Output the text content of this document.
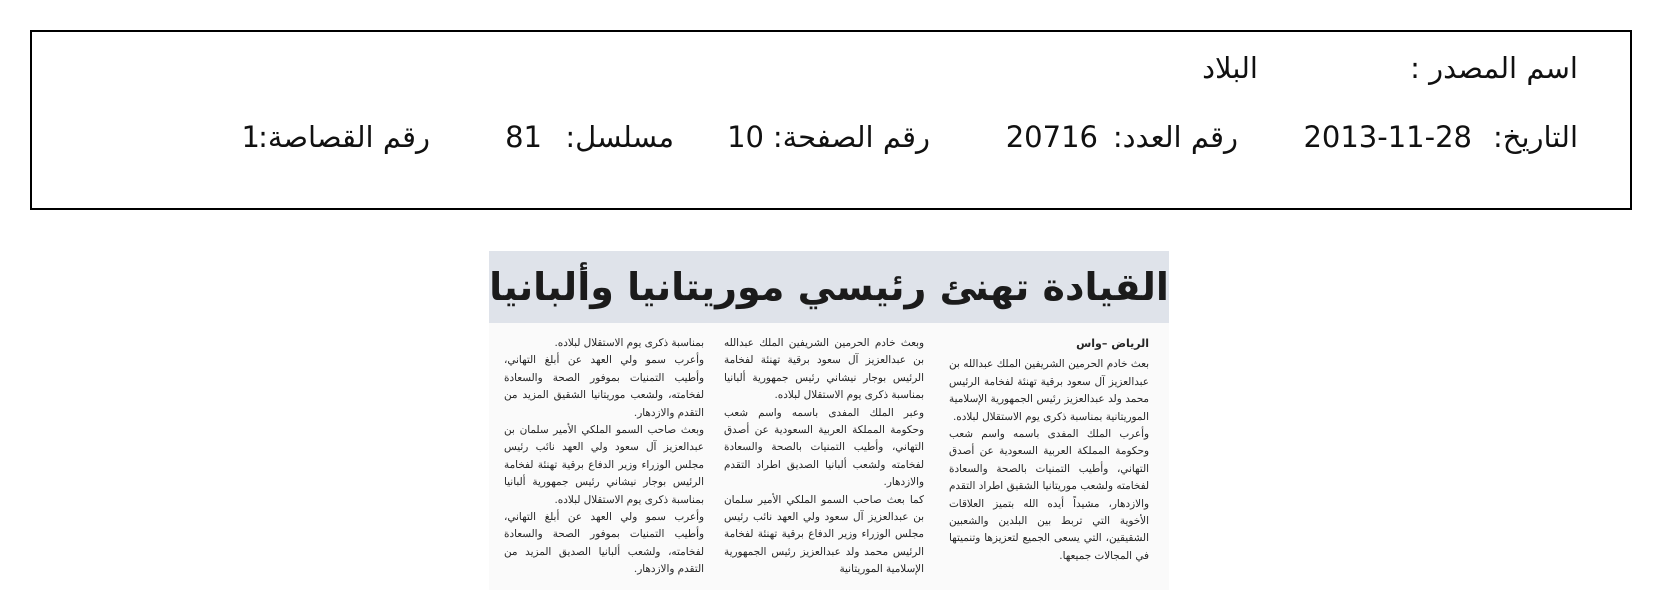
اسم المصدر :
البلاد
التاريخ:
2013-11-28
رقم العدد:
20716
رقم الصفحة:
10
مسلسل:
81
رقم القصاصة:
1
القيادة تهنئ رئيسي موريتانيا وألبانيا

الرياض –واس

بعث خادم الحرمين الشريفين الملك عبدالله بن عبدالعزيز آل سعود برقية تهنئة لفخامة الرئيس محمد ولد عبدالعزيز رئيس الجمهورية الإسلامية الموريتانية بمناسبة ذكرى يوم الاستقلال لبلاده.

وأعرب الملك المفدى باسمه واسم شعب وحكومة المملكة العربية السعودية عن أصدق التهاني، وأطيب التمنيات بالصحة والسعادة لفخامته ولشعب موريتانيا الشقيق اطراد التقدم والازدهار، مشيداً أيده الله بتميز العلاقات الأخوية التي تربط بين البلدين والشعبين الشقيقين، التي يسعى الجميع لتعزيزها وتنميتها في المجالات جميعها.

وبعث خادم الحرمين الشريفين الملك عبدالله بن عبدالعزيز آل سعود برقية تهنئة لفخامة الرئيس بوجار نيشاني رئيس جمهورية ألبانيا بمناسبة ذكرى يوم الاستقلال لبلاده.

وعبر الملك المفدى باسمه واسم شعب وحكومة المملكة العربية السعودية عن أصدق التهاني، وأطيب التمنيات بالصحة والسعادة لفخامته ولشعب ألبانيا الصديق اطراد التقدم والازدهار.

كما بعث صاحب السمو الملكي الأمير سلمان بن عبدالعزيز آل سعود ولي العهد نائب رئيس مجلس الوزراء وزير الدفاع برقية تهنئة لفخامة الرئيس محمد ولد عبدالعزيز رئيس الجمهورية الإسلامية الموريتانية

بمناسبة ذكرى يوم الاستقلال لبلاده.

وأعرب سمو ولي العهد عن أبلغ التهاني، وأطيب التمنيات بموفور الصحة والسعادة لفخامته، ولشعب موريتانيا الشقيق المزيد من التقدم والازدهار.

وبعث صاحب السمو الملكي الأمير سلمان بن عبدالعزيز آل سعود ولي العهد نائب رئيس مجلس الوزراء وزير الدفاع برقية تهنئة لفخامة الرئيس بوجار نيشاني رئيس جمهورية ألبانيا بمناسبة ذكرى يوم الاستقلال لبلاده.

وأعرب سمو ولي العهد عن أبلغ التهاني، وأطيب التمنيات بموفور الصحة والسعادة لفخامته، ولشعب ألبانيا الصديق المزيد من التقدم والازدهار.
